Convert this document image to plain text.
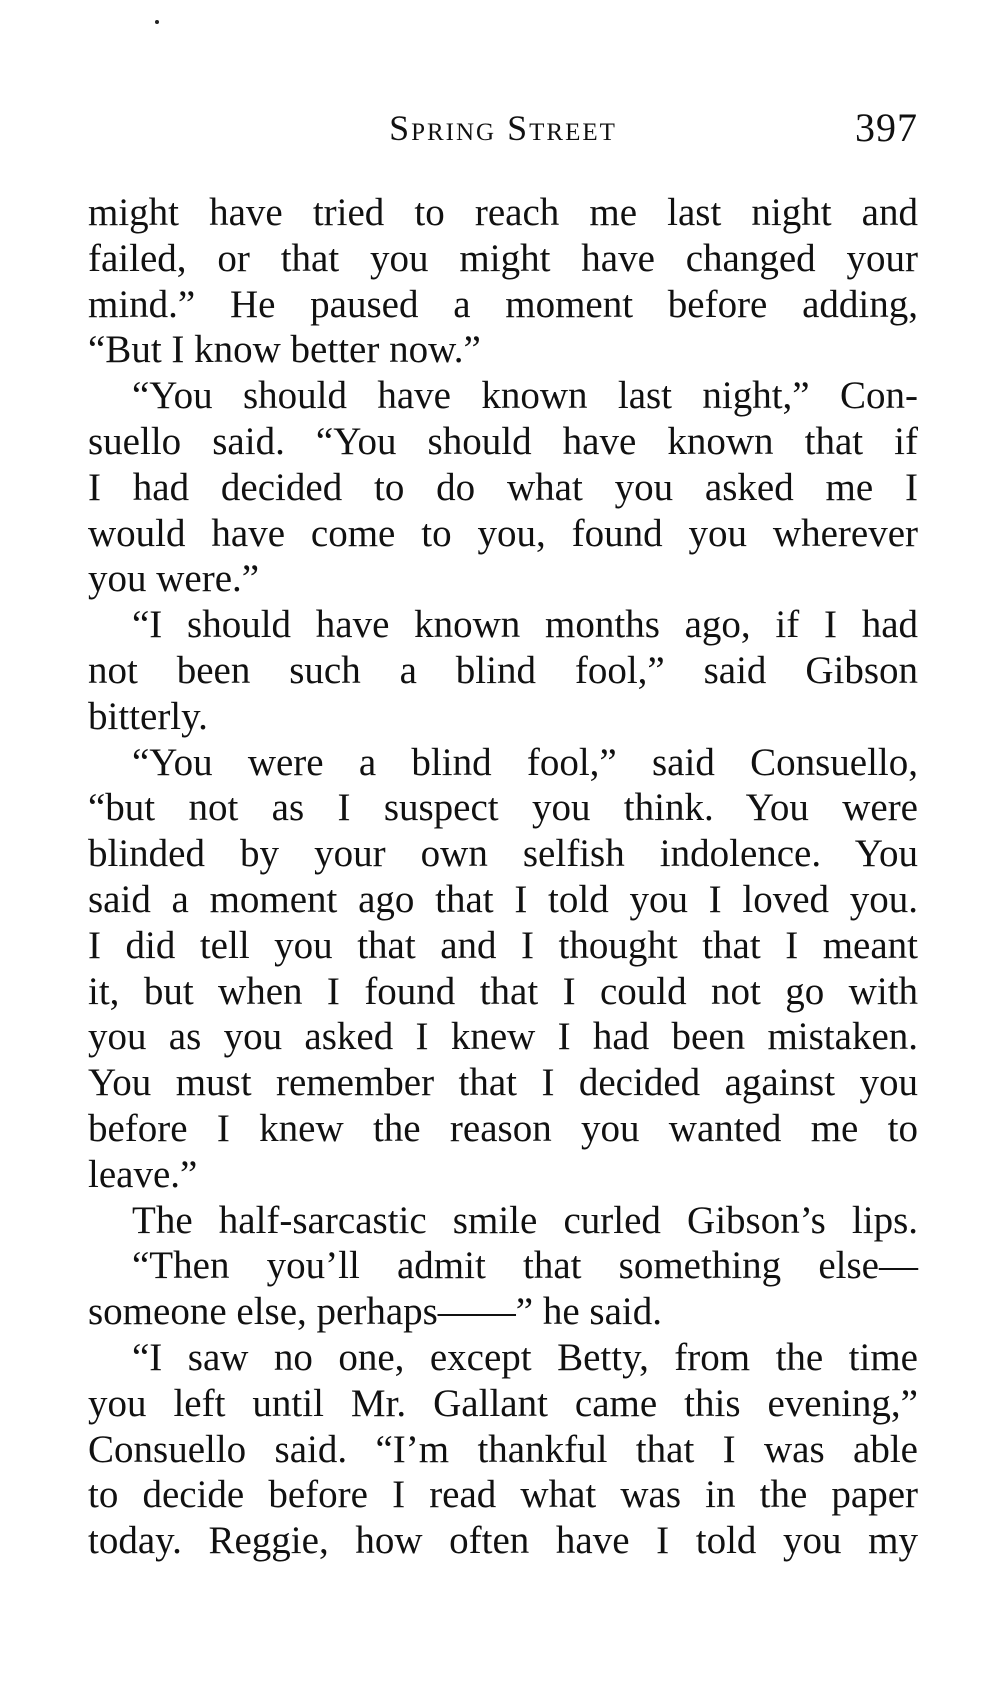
Spring Street	397
might have tried to reach me last night and
failed, or that you might have changed your
mind.” He paused a moment before adding,
“But I know better now.”
“You should have known last night,” Con-
suello said. “You should have known that if
I had decided to do what you asked me I
would have come to you, found you wherever
you were.”
“I should have known months ago, if I had
not been such a blind fool,” said Gibson
bitterly.
“You were a blind fool,” said Consuello,
“but not as I suspect you think. You were
blinded by your own selfish indolence. You
said a moment ago that I told you I loved you.
I did tell you that and I thought that I meant
it, but when I found that I could not go with
you as you asked I knew I had been mistaken.
You must remember that I decided against you
before I knew the reason you wanted me to
leave.”
The half-sarcastic smile curled Gibson’s lips.
“Then you’ll admit that something else—
someone else, perhaps——” he said.
“I saw no one, except Betty, from the time
you left until Mr. Gallant came this evening,”
Consuello said. “I’m thankful that I was able
to decide before I read what was in the paper
today. Reggie, how often have I told you my
